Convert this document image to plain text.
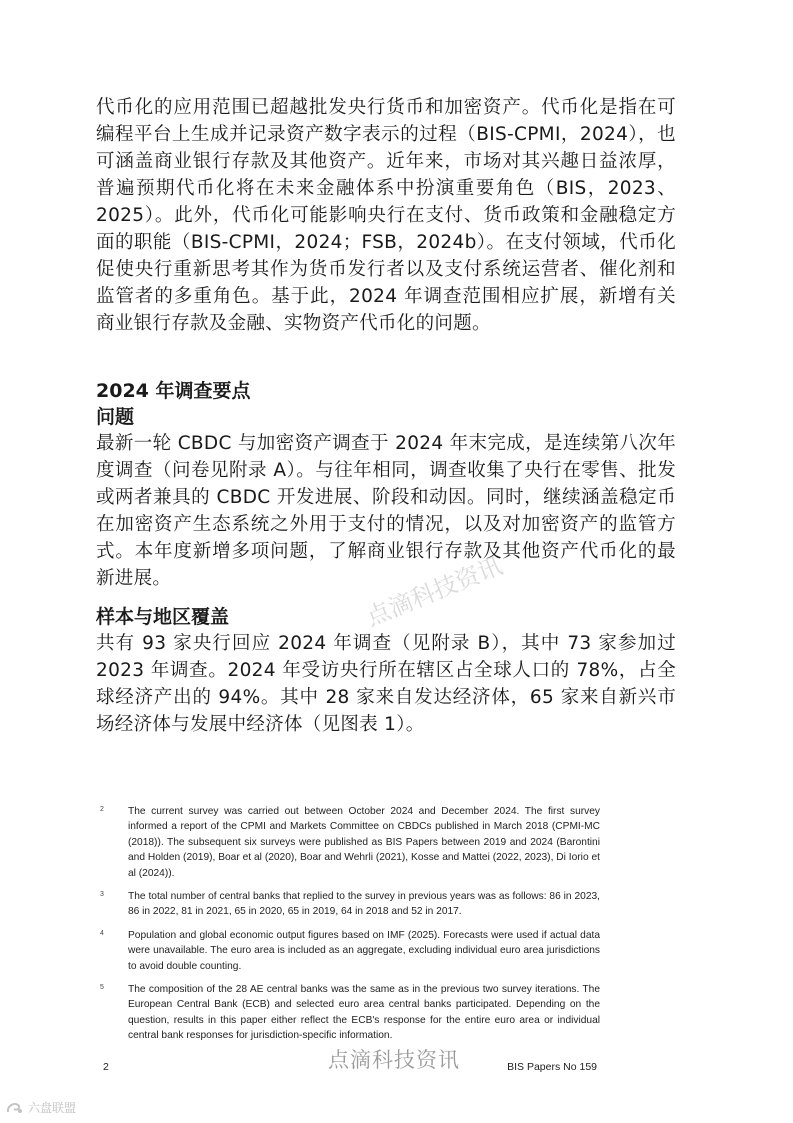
代币化的应用范围已超越批发央行货币和加密资产。代币化是指在可编程平台上生成并记录资产数字表示的过程（BIS-CPMI，2024），也可涵盖商业银行存款及其他资产。近年来，市场对其兴趣日益浓厚，普遍预期代币化将在未来金融体系中扮演重要角色（BIS，2023、2025）。此外，代币化可能影响央行在支付、货币政策和金融稳定方面的职能（BIS-CPMI，2024；FSB，2024b）。在支付领域，代币化促使央行重新思考其作为货币发行者以及支付系统运营者、催化剂和监管者的多重角色。基于此，2024 年调查范围相应扩展，新增有关商业银行存款及金融、实物资产代币化的问题。

2024 年调查要点
问题

最新一轮 CBDC 与加密资产调查于 2024 年末完成，是连续第八次年度调查（问卷见附录 A）。与往年相同，调查收集了央行在零售、批发或两者兼具的 CBDC 开发进展、阶段和动因。同时，继续涵盖稳定币在加密资产生态系统之外用于支付的情况，以及对加密资产的监管方式。本年度新增多项问题，了解商业银行存款及其他资产代币化的最新进展。

样本与地区覆盖

共有 93 家央行回应 2024 年调查（见附录 B），其中 73 家参加过 2023 年调查。2024 年受访央行所在辖区占全球人口的 78%，占全球经济产出的 94%。其中 28 家来自发达经济体，65 家来自新兴市场经济体与发展中经济体（见图表 1）。

点滴科技资讯
2	The current survey was carried out between October 2024 and December 2024. The first survey informed a report of the CPMI and Markets Committee on CBDCs published in March 2018 (CPMI-MC (2018)). The subsequent six surveys were published as BIS Papers between 2019 and 2024 (Barontini and Holden (2019), Boar et al (2020), Boar and Wehrli (2021), Kosse and Mattei (2022, 2023), Di Iorio et al (2024)).
3	The total number of central banks that replied to the survey in previous years was as follows: 86 in 2023, 86 in 2022, 81 in 2021, 65 in 2020, 65 in 2019, 64 in 2018 and 52 in 2017.
4	Population and global economic output figures based on IMF (2025). Forecasts were used if actual data were unavailable. The euro area is included as an aggregate, excluding individual euro area jurisdictions to avoid double counting.
5	The composition of the 28 AE central banks was the same as in the previous two survey iterations. The European Central Bank (ECB) and selected euro area central banks participated. Depending on the question, results in this paper either reflect the ECB's response for the entire euro area or individual central bank responses for jurisdiction-specific information.
点滴科技资讯
2	BIS Papers No 159
六盘联盟
